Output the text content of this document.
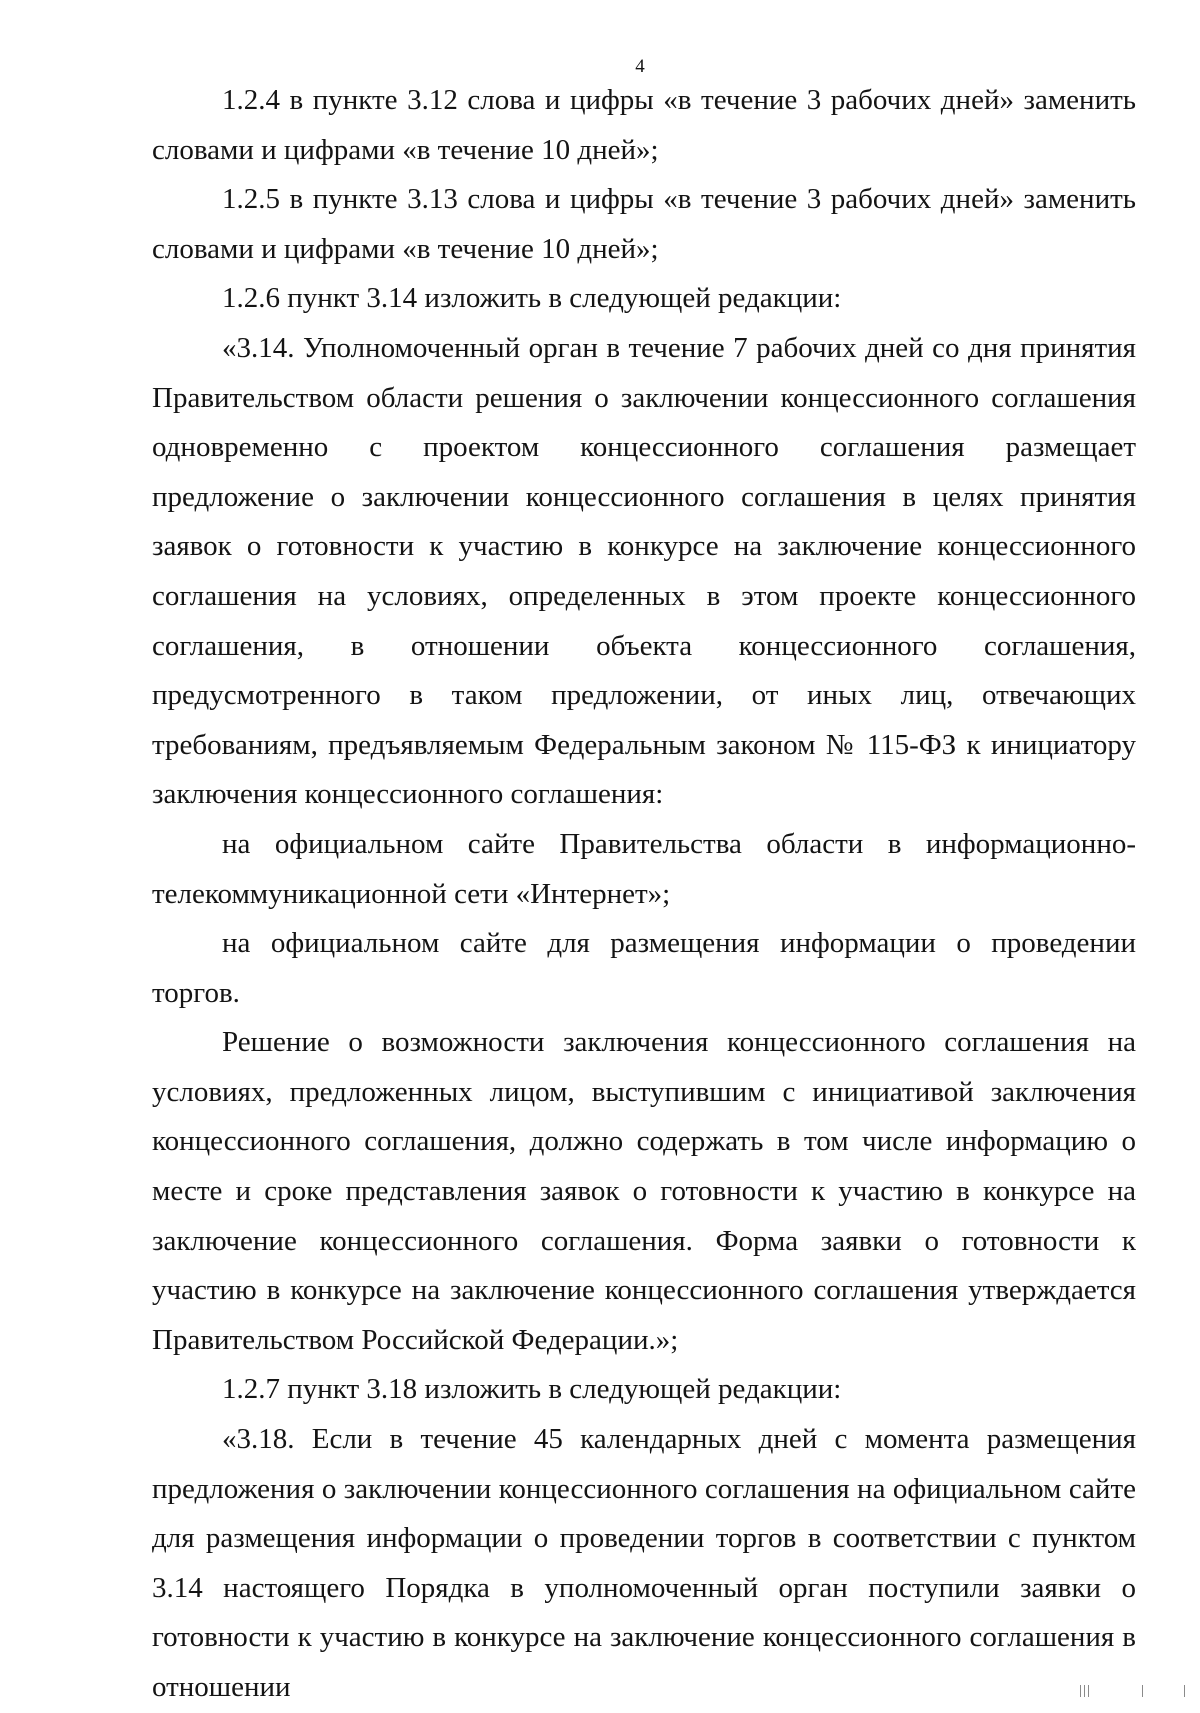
4

1.2.4 в пункте 3.12 слова и цифры «в течение 3 рабочих дней» заменить словами и цифрами «в течение 10 дней»;

1.2.5 в пункте 3.13 слова и цифры «в течение 3 рабочих дней» заменить словами и цифрами «в течение 10 дней»;

1.2.6 пункт 3.14 изложить в следующей редакции:

«3.14. Уполномоченный орган в течение 7 рабочих дней со дня принятия Правительством области решения о заключении концессионного соглашения одновременно с проектом концессионного соглашения размещает предложение о заключении концессионного соглашения в целях принятия заявок о готовности к участию в конкурсе на заключение концессионного соглашения на условиях, определенных в этом проекте концессионного соглашения, в отношении объекта концессионного соглашения, предусмотренного в таком предложении, от иных лиц, отвечающих требованиям, предъявляемым Федеральным законом № 115-ФЗ к инициатору заключения концессионного соглашения:

на официальном сайте Правительства области в информационно-телекоммуникационной сети «Интернет»;

на официальном сайте для размещения информации о проведении торгов.

Решение о возможности заключения концессионного соглашения на условиях, предложенных лицом, выступившим с инициативой заключения концессионного соглашения, должно содержать в том числе информацию о месте и сроке представления заявок о готовности к участию в конкурсе на заключение концессионного соглашения. Форма заявки о готовности к участию в конкурсе на заключение концессионного соглашения утверждается Правительством Российской Федерации.»;

1.2.7 пункт 3.18 изложить в следующей редакции:

«3.18. Если в течение 45 календарных дней с момента размещения предложения о заключении концессионного соглашения на официальном сайте для размещения информации о проведении торгов в соответствии с пунктом 3.14 настоящего Порядка в уполномоченный орган поступили заявки о готовности к участию в конкурсе на заключение концессионного соглашения в отношении
